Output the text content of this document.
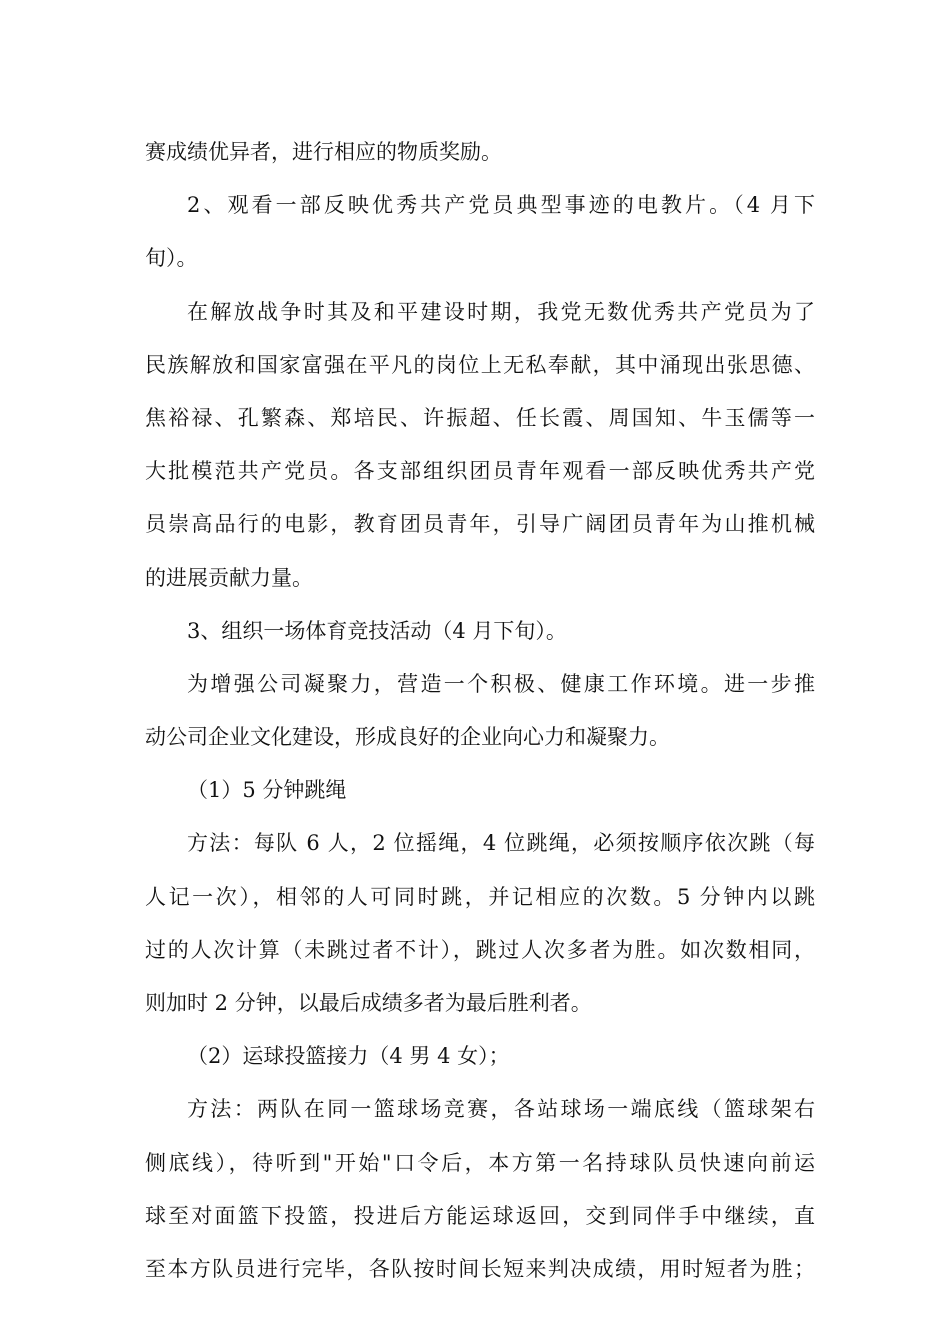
赛成绩优异者，进行相应的物质奖励。
2、观看一部反映优秀共产党员典型事迹的电教片。（4 月下
旬）。
在解放战争时其及和平建设时期，我党无数优秀共产党员为了
民族解放和国家富强在平凡的岗位上无私奉献，其中涌现出张思德、
焦裕禄、孔繁森、郑培民、许振超、任长霞、周国知、牛玉儒等一
大批模范共产党员。各支部组织团员青年观看一部反映优秀共产党
员崇高品行的电影，教育团员青年，引导广阔团员青年为山推机械
的进展贡献力量。
3、组织一场体育竞技活动（4 月下旬）。
为增强公司凝聚力，营造一个积极、健康工作环境。进一步推
动公司企业文化建设，形成良好的企业向心力和凝聚力。
（1）5 分钟跳绳
方法：每队 6 人，2 位摇绳，4 位跳绳，必须按顺序依次跳（每
人记一次），相邻的人可同时跳，并记相应的次数。5 分钟内以跳
过的人次计算（未跳过者不计），跳过人次多者为胜。如次数相同，
则加时 2 分钟，以最后成绩多者为最后胜利者。
（2）运球投篮接力（4 男 4 女）；
方法：两队在同一篮球场竞赛，各站球场一端底线（篮球架右
侧底线），待听到"开始"口令后，本方第一名持球队员快速向前运
球至对面篮下投篮，投进后方能运球返回，交到同伴手中继续，直
至本方队员进行完毕，各队按时间长短来判决成绩，用时短者为胜；
